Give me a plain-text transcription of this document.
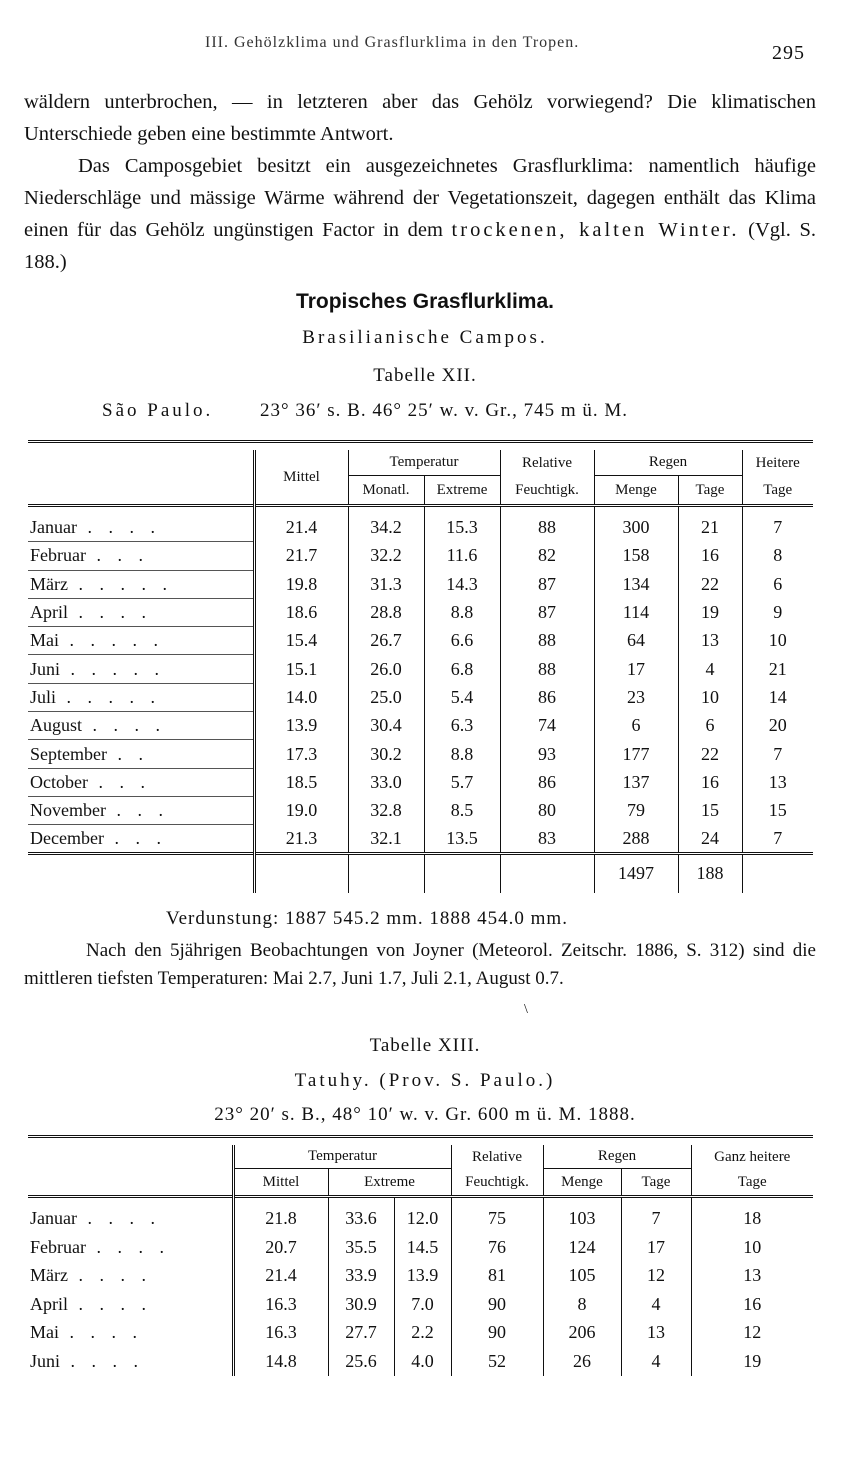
III. Gehölzklima und Grasflurklima in den Tropen.	295

wäldern unterbrochen, — in letzteren aber das Gehölz vorwiegend? Die klimatischen Unterschiede geben eine bestimmte Antwort.

Das Camposgebiet besitzt ein ausgezeichnetes Grasflurklima: namentlich häufige Niederschläge und mässige Wärme während der Vegetationszeit, dagegen enthält das Klima einen für das Gehölz ungünstigen Factor in dem trockenen, kalten Winter. (Vgl. S. 188.)

Tropisches Grasflurklima.

Brasilianische Campos.

Tabelle XII.

São Paulo. 23° 36′ s. B. 46° 25′ w. v. Gr., 745 m ü. M.

	Mittel	Temperatur		Relative	Regen		Heitere
		Monatl.	Extreme	Feuchtigk.	Menge	Tage	Tage

Januar . . . .	21.4	34.2	15.3	88	300	21	7
Februar . . .	21.7	32.2	11.6	82	158	16	8
März . . . . .	19.8	31.3	14.3	87	134	22	6
April . . . .	18.6	28.8	8.8	87	114	19	9
Mai . . . . .	15.4	26.7	6.6	88	64	13	10
Juni . . . . .	15.1	26.0	6.8	88	17	4	21
Juli . . . . .	14.0	25.0	5.4	86	23	10	14
August . . . .	13.9	30.4	6.3	74	6	6	20
September . .	17.3	30.2	8.8	93	177	22	7
October . . .	18.5	33.0	5.7	86	137	16	13
November . . .	19.0	32.8	8.5	80	79	15	15
December . . .	21.3	32.1	13.5	83	288	24	7
					1497	188	
Verdunstung: 1887 545.2 mm. 1888 454.0 mm.

Nach den 5jährigen Beobachtungen von Joyner (Meteorol. Zeitschr. 1886, S. 312) sind die mittleren tiefsten Temperaturen: Mai 2.7, Juni 1.7, Juli 2.1, August 0.7.

\

Tabelle XIII.

Tatuhy. (Prov. S. Paulo.)

23° 20′ s. B., 48° 10′ w. v. Gr. 600 m ü. M. 1888.

	Temperatur			Relative	Regen		Ganz heitere
	Mittel	Extreme		Feuchtigk.	Menge	Tage	Tage

Januar . . . .	21.8	33.6	12.0	75	103	7	18
Februar . . . .	20.7	35.5	14.5	76	124	17	10
März . . . .	21.4	33.9	13.9	81	105	12	13
April . . . .	16.3	30.9	7.0	90	8	4	16
Mai . . . .	16.3	27.7	2.2	90	206	13	12
Juni . . . .	14.8	25.6	4.0	52	26	4	19
